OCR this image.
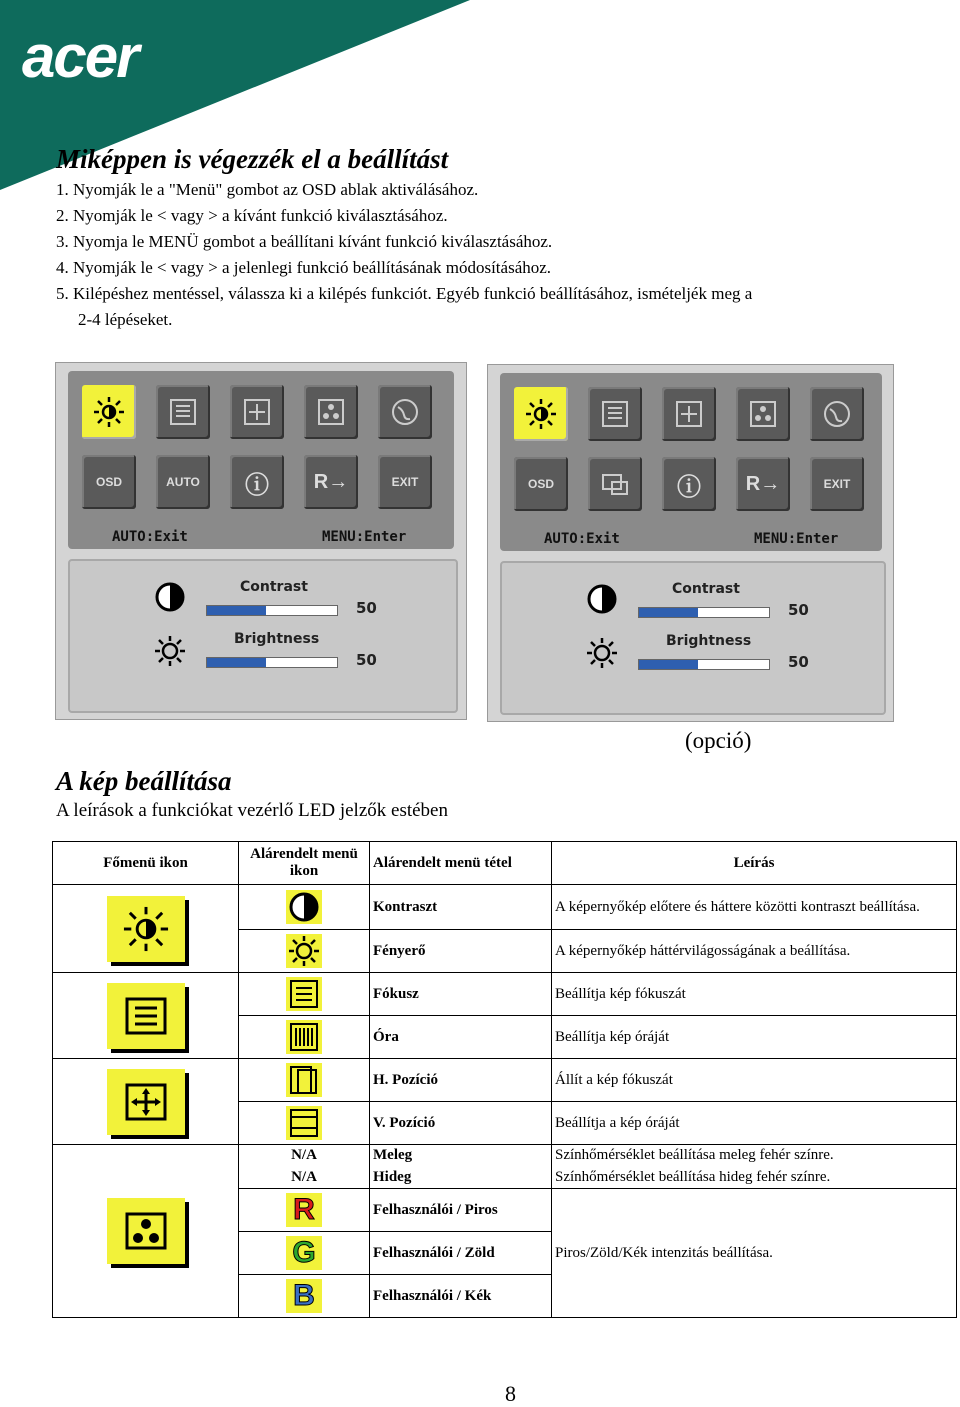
acer
Miképpen is végezzék el a beállítást
1. Nyomják le a "Menü" gombot az OSD ablak aktiválásához.
2. Nyomják le < vagy > a kívánt funkció kiválasztásához.
3. Nyomja le MENÜ gombot a beállítani kívánt funkció kiválasztásához.
4. Nyomják le < vagy > a jelenlegi funkció beállításának módosításához.
5. Kilépéshez mentéssel, válassza ki a kilépés funkciót. Egyéb funkció beállításához, ismételjék meg a
2-4 lépéseket.
OSD	AUTO	ⓘ	R→	EXIT
AUTO:Exit	MENU:Enter
Contrast
50
Brightness
50
OSD	ⓘ	R→	EXIT
AUTO:Exit	MENU:Enter
Contrast
50
Brightness
50
(opció)
A kép beállítása
A leírások a funkciókat vezérlő LED jelzők estében
Főmenü ikon	Alárendelt menü ikon	Alárendelt menü tétel	Leírás

	Kontraszt	A képernyőkép előtere és háttere közötti kontraszt beállítása.

	Fényerő	A képernyőkép háttérvilágosságának a beállítása.

	Fókusz	Beállítja kép fókuszát

	Óra	Beállítja kép óráját

	H. Pozíció	Állít a kép fókuszát

	V. Pozíció	Beállítja a kép óráját

	N/A	Meleg	Színhőmérséklet beállítása meleg fehér színre.
	N/A	Hideg	Színhőmérséklet beállítása hideg fehér színre.

	R	Felhasználói / Piros	Piros/Zöld/Kék intenzitás beállítása.

	G	Felhasználói / Zöld	

	B	Felhasználói / Kék	
8
